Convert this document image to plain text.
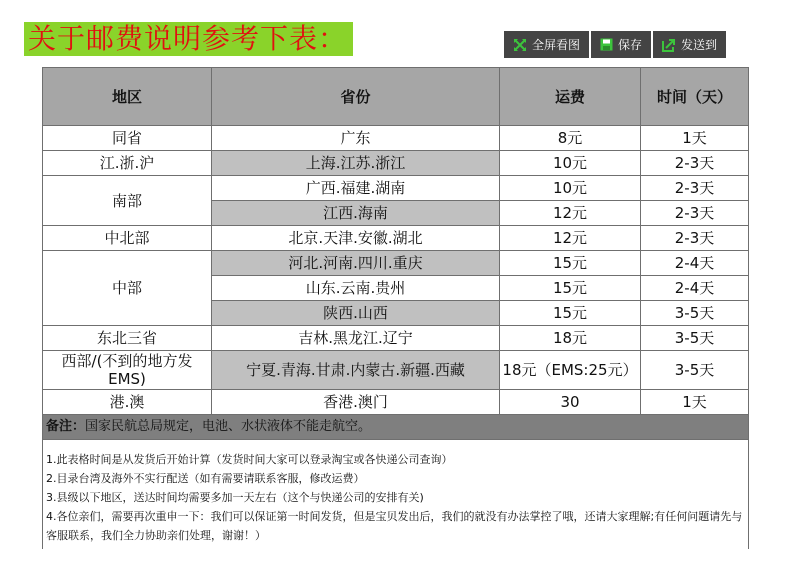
关于邮费说明参考下表：	全屏看图	保存	发送到
地区	省份	运费	时间（天）
同省	广东	8元	1天
江.浙.沪	上海.江苏.浙江	10元	2-3天
南部	广西.福建.湖南	10元	2-3天
	江西.海南	12元	2-3天
中北部	北京.天津.安徽.湖北	12元	2-3天
中部	河北.河南.四川.重庆	15元	2-4天
	山东.云南.贵州	15元	2-4天
	陕西.山西	15元	3-5天
东北三省	吉林.黑龙江.辽宁	18元	3-5天
西部/(不到的地方发EMS)	宁夏.青海.甘肃.内蒙古.新疆.西藏	18元（EMS:25元）	3-5天
港.澳	香港.澳门	30	1天
备注：国家民航总局规定，电池、水状液体不能走航空。			

1.此表格时间是从发货后开始计算（发货时间大家可以登录淘宝或各快递公司查询）
2.目录台湾及海外不实行配送（如有需要请联系客服，修改运费）
3.县级以下地区，送达时间均需要多加一天左右（这个与快递公司的安排有关)
4.各位亲们，需要再次重申一下：我们可以保证第一时间发货，但是宝贝发出后，我们的就没有办法掌控了哦，还请大家理解;有任何问题请先与客服联系，我们全力协助亲们处理，谢谢！）			
